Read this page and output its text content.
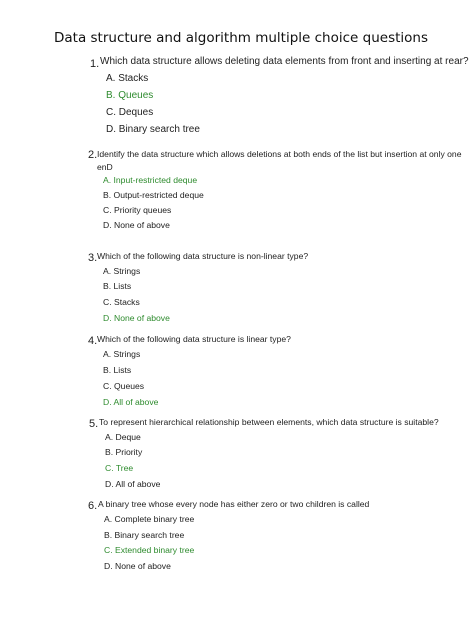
Data structure and algorithm multiple choice questions
1. Which data structure allows deleting data elements from front and inserting at rear?
A. Stacks
B. Queues
C. Deques
D. Binary search tree
2. Identify the data structure which allows deletions at both ends of the list but insertion at only one
enD
A. Input-restricted deque
B. Output-restricted deque
C. Priority queues
D. None of above
3. Which of the following data structure is non-linear type?
A. Strings
B. Lists
C. Stacks
D. None of above
4. Which of the following data structure is linear type?
A. Strings
B. Lists
C. Queues
D. All of above
5. To represent hierarchical relationship between elements, which data structure is suitable?
A. Deque
B. Priority
C. Tree
D. All of above
6. A binary tree whose every node has either zero or two children is called
A. Complete binary tree
B. Binary search tree
C. Extended binary tree
D. None of above
